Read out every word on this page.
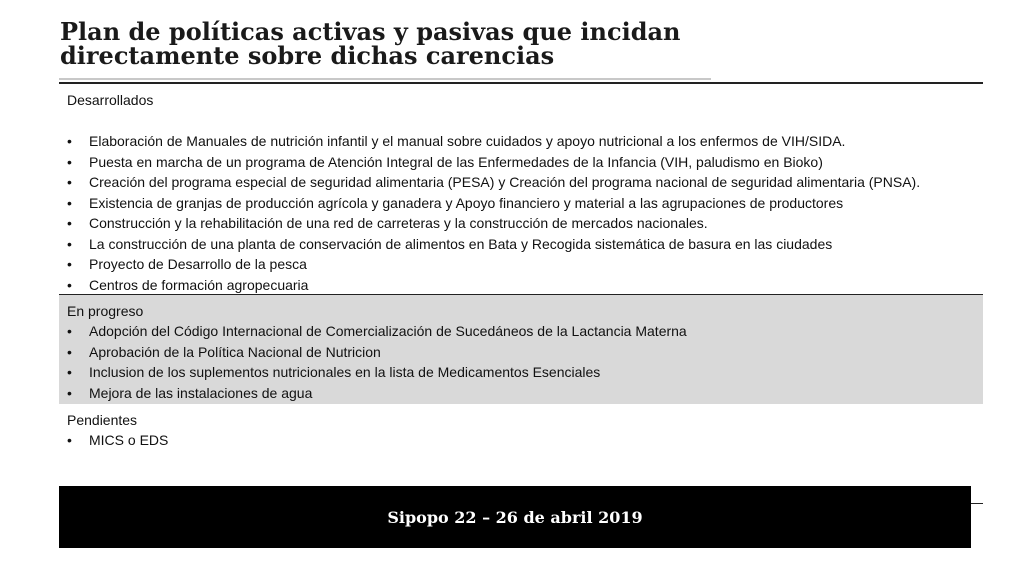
Plan de políticas activas y pasivas que incidan
directamente sobre dichas carencias
Desarrollados
• Elaboración de Manuales de nutrición infantil y el manual sobre cuidados y apoyo nutricional a los enfermos de VIH/SIDA.
• Puesta en marcha de un programa de Atención Integral de las Enfermedades de la Infancia (VIH, paludismo en Bioko)
• Creación del programa especial de seguridad alimentaria (PESA) y Creación del programa nacional de seguridad alimentaria (PNSA).
• Existencia de granjas de producción agrícola y ganadera y Apoyo financiero y material a las agrupaciones de productores
• Construcción y la rehabilitación de una red de carreteras y la construcción de mercados nacionales.
• La construcción de una planta de conservación de alimentos en Bata y Recogida sistemática de basura en las ciudades
• Proyecto de Desarrollo de la pesca
• Centros de formación agropecuaria
En progreso
• Adopción del Código Internacional de Comercialización de Sucedáneos de la Lactancia Materna
• Aprobación de la Política Nacional de Nutricion
• Inclusion de los suplementos nutricionales en la lista de Medicamentos Esenciales
• Mejora de las instalaciones de agua
Pendientes
• MICS o EDS
Sipopo 22 – 26 de abril 2019
